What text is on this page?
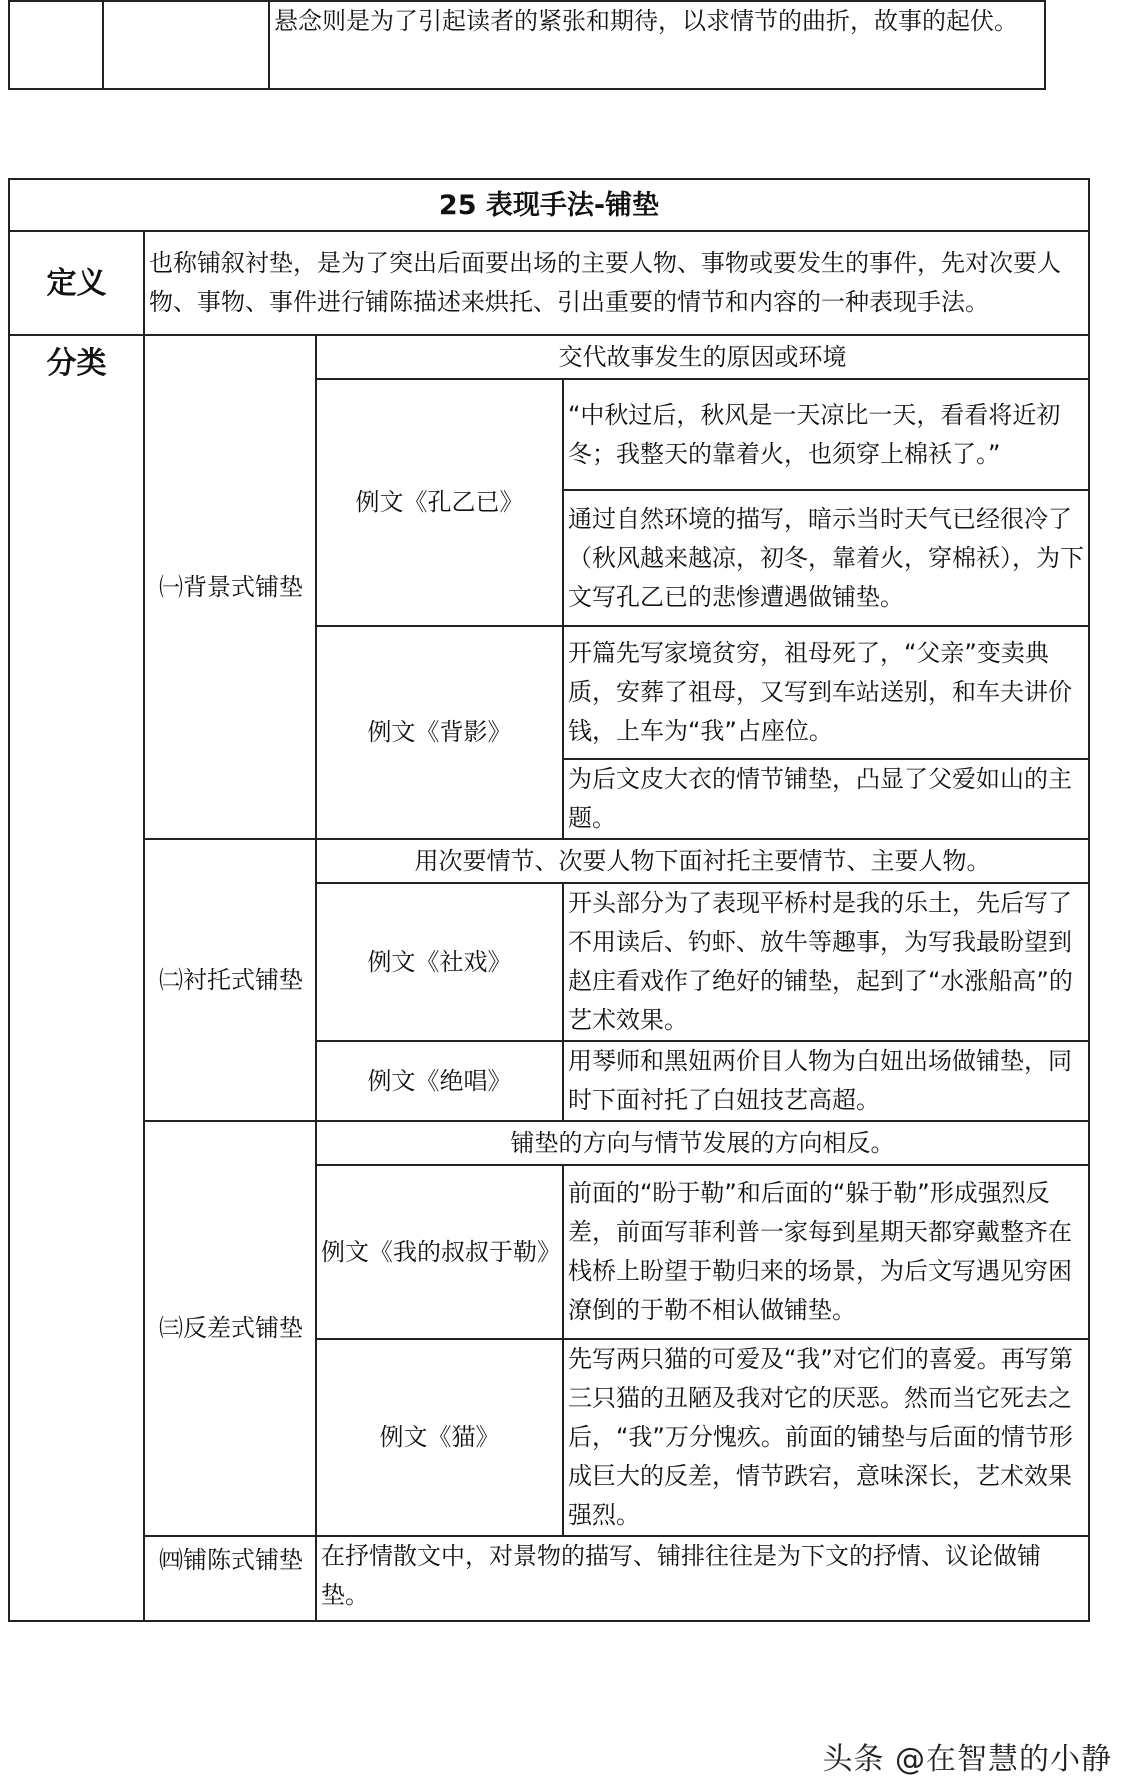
		悬念则是为了引起读者的紧张和期待，以求情节的曲折，故事的起伏。
25 表现手法-铺垫			
定义	也称铺叙衬垫，是为了突出后面要出场的主要人物、事物或要发生的事件，先对次要人物、事物、事件进行铺陈描述来烘托、引出重要的情节和内容的一种表现手法。		
分类	㈠背景式铺垫	交代故事发生的原因或环境	
		例文《孔乙已》	“中秋过后，秋风是一天凉比一天，看看将近初冬；我整天的靠着火，也须穿上棉袄了。”
			通过自然环境的描写，暗示当时天气已经很冷了（秋风越来越凉，初冬，靠着火，穿棉袄），为下文写孔乙已的悲惨遭遇做铺垫。
		例文《背影》	开篇先写家境贫穷，祖母死了，“父亲”变卖典质，安葬了祖母，又写到车站送别，和车夫讲价钱，上车为“我”占座位。
			为后文皮大衣的情节铺垫，凸显了父爱如山的主题。
	㈡衬托式铺垫	用次要情节、次要人物下面衬托主要情节、主要人物。	
		例文《社戏》	开头部分为了表现平桥村是我的乐土，先后写了不用读后、钓虾、放牛等趣事，为写我最盼望到赵庄看戏作了绝好的铺垫，起到了“水涨船高”的艺术效果。
		例文《绝唱》	用琴师和黑妞两价目人物为白妞出场做铺垫，同时下面衬托了白妞技艺高超。
	㈢反差式铺垫	铺垫的方向与情节发展的方向相反。	
		例文《我的叔叔于勒》	前面的“盼于勒”和后面的“躲于勒”形成强烈反差，前面写菲利普一家每到星期天都穿戴整齐在栈桥上盼望于勒归来的场景，为后文写遇见穷困潦倒的于勒不相认做铺垫。
		例文《猫》	先写两只猫的可爱及“我”对它们的喜爱。再写第三只猫的丑陋及我对它的厌恶。然而当它死去之后，“我”万分愧疚。前面的铺垫与后面的情节形成巨大的反差，情节跌宕，意味深长，艺术效果强烈。
	㈣铺陈式铺垫	在抒情散文中，对景物的描写、铺排往往是为下文的抒情、议论做铺垫。	
头条 @在智慧的小静
